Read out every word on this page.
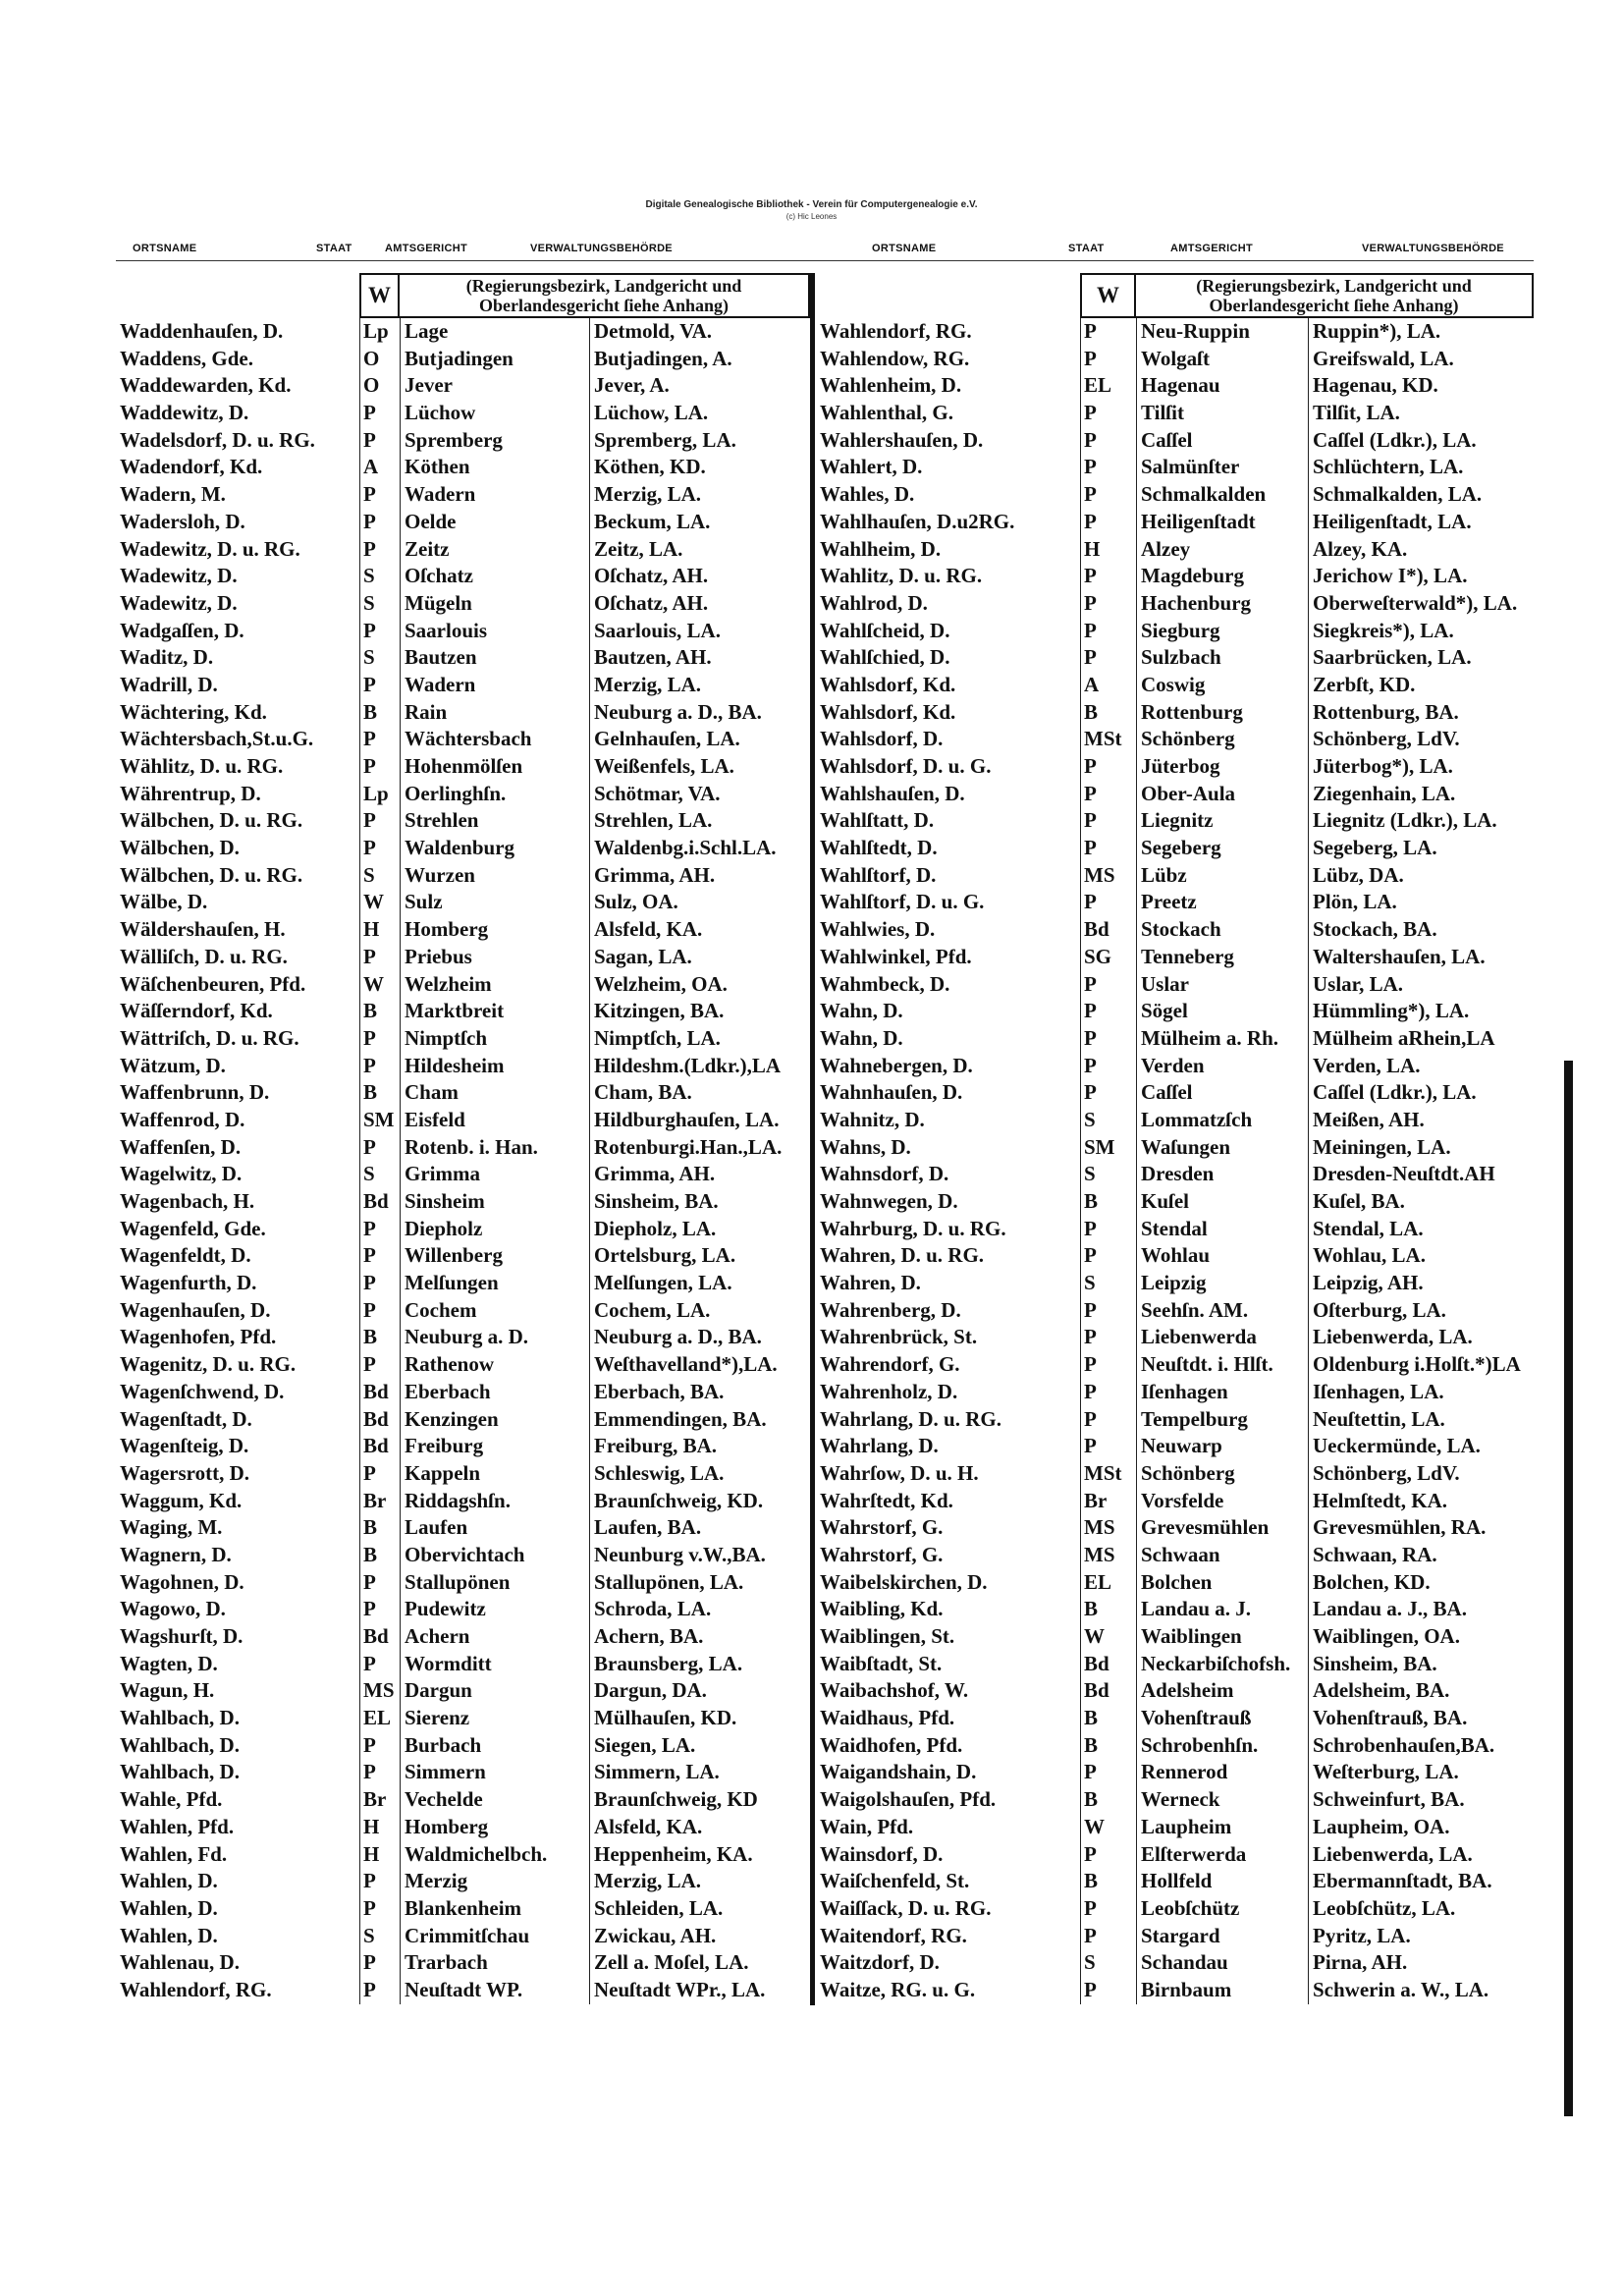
Digitale Genealogische Bibliothek - Verein für Computergenealogie e.V.
(c) Hic Leones
ORTSNAME	STAAT	AMTSGERICHT	VERWALTUNGSBEHÖRDE	ORTSNAME	STAAT	AMTSGERICHT	VERWALTUNGSBEHÖRDE
W	(Regierungsbezirk, Landgericht und
Oberlandesgericht ſiehe Anhang)
Waddenhauſen, D.	Lp Lage	Detmold, VA.
Waddens, Gde.	O	Butjadingen	Butjadingen, A.
Waddewarden, Kd.	O	Jever	Jever, A.
Waddewitz, D.	P	Lüchow	Lüchow, LA.
Wadelsdorf, D. u. RG.	P	Spremberg	Spremberg, LA.
Wadendorf, Kd.	A	Köthen	Köthen, KD.
Wadern, M.	P	Wadern	Merzig, LA.
Wadersloh, D.	P	Oelde	Beckum, LA.
Wadewitz, D. u. RG.	P	Zeitz	Zeitz, LA.
Wadewitz, D.	S	Oſchatz	Oſchatz, AH.
Wadewitz, D.	S	Mügeln	Oſchatz, AH.
Wadgaſſen, D.	P	Saarlouis	Saarlouis, LA.
Waditz, D.	S	Bautzen	Bautzen, AH.
Wadrill, D.	P	Wadern	Merzig, LA.
Wächtering, Kd.	B	Rain	Neuburg a. D., BA.
Wächtersbach,St.u.G.	P	Wächtersbach	Gelnhauſen, LA.
Wählitz, D. u. RG.	P	Hohenmölſen	Weißenfels, LA.
Währentrup, D.	Lp Oerlinghſn.	Schötmar, VA.
Wälbchen, D. u. RG.	P	Strehlen	Strehlen, LA.
Wälbchen, D.	P	Waldenburg	Waldenbg.i.Schl.LA.
Wälbchen, D. u. RG.	S	Wurzen	Grimma, AH.
Wälbe, D.	W	Sulz	Sulz, OA.
Wäldershauſen, H.	H	Homberg	Alsfeld, KA.
Wälliſch, D. u. RG.	P	Priebus	Sagan, LA.
Wäſchenbeuren, Pfd.	W	Welzheim	Welzheim, OA.
Wäſſerndorf, Kd.	B	Marktbreit	Kitzingen, BA.
Wättriſch, D. u. RG.	P	Nimptſch	Nimptſch, LA.
Wätzum, D.	P	Hildesheim	Hildeshm.(Ldkr.),LA
Waffenbrunn, D.	B	Cham	Cham, BA.
Waffenrod, D.	SM Eisfeld	Hildburghauſen, LA.
Waffenſen, D.	P	Rotenb. i. Han.	Rotenburgi.Han.,LA.
Wagelwitz, D.	S	Grimma	Grimma, AH.
Wagenbach, H.	Bd Sinsheim	Sinsheim, BA.
Wagenfeld, Gde.	P	Diepholz	Diepholz, LA.
Wagenfeldt, D.	P	Willenberg	Ortelsburg, LA.
Wagenfurth, D.	P	Melſungen	Melſungen, LA.
Wagenhauſen, D.	P	Cochem	Cochem, LA.
Wagenhofen, Pfd.	B	Neuburg a. D.	Neuburg a. D., BA.
Wagenitz, D. u. RG.	P	Rathenow	Weſthavelland*),LA.
Wagenſchwend, D.	Bd Eberbach	Eberbach, BA.
Wagenſtadt, D.	Bd Kenzingen	Emmendingen, BA.
Wagenſteig, D.	Bd Freiburg	Freiburg, BA.
Wagersrott, D.	P	Kappeln	Schleswig, LA.
Waggum, Kd.	Br Riddagshſn.	Braunſchweig, KD.
Waging, M.	B	Laufen	Laufen, BA.
Wagnern, D.	B	Obervichtach	Neunburg v.W.,BA.
Wagohnen, D.	P	Stallupönen	Stallupönen, LA.
Wagowo, D.	P	Pudewitz	Schroda, LA.
Wagshurſt, D.	Bd Achern	Achern, BA.
Wagten, D.	P	Wormditt	Braunsberg, LA.
Wagun, H.	MS Dargun	Dargun, DA.
Wahlbach, D.	EL Sierenz	Mülhauſen, KD.
Wahlbach, D.	P	Burbach	Siegen, LA.
Wahlbach, D.	P	Simmern	Simmern, LA.
Wahle, Pfd.	Br Vechelde	Braunſchweig, KD
Wahlen, Pfd.	H	Homberg	Alsfeld, KA.
Wahlen, Fd.	H	Waldmichelbch.	Heppenheim, KA.
Wahlen, D.	P	Merzig	Merzig, LA.
Wahlen, D.	P	Blankenheim	Schleiden, LA.
Wahlen, D.	S	Crimmitſchau	Zwickau, AH.
Wahlenau, D.	P	Trarbach	Zell a. Moſel, LA.
Wahlendorf, RG.	P	Neuſtadt WP.	Neuſtadt WPr., LA.
W	(Regierungsbezirk, Landgericht und
Oberlandesgericht ſiehe Anhang)
Wahlendorf, RG.	P	Neu-Ruppin	Ruppin*), LA.
Wahlendow, RG.	P	Wolgaſt	Greifswald, LA.
Wahlenheim, D.	EL	Hagenau	Hagenau, KD.
Wahlenthal, G.	P	Tilſit	Tilſit, LA.
Wahlershauſen, D.	P	Caſſel	Caſſel (Ldkr.), LA.
Wahlert, D.	P	Salmünſter	Schlüchtern, LA.
Wahles, D.	P	Schmalkalden	Schmalkalden, LA.
Wahlhauſen, D.u2RG.	P	Heiligenſtadt	Heiligenſtadt, LA.
Wahlheim, D.	H	Alzey	Alzey, KA.
Wahlitz, D. u. RG.	P	Magdeburg	Jerichow I*), LA.
Wahlrod, D.	P	Hachenburg	Oberweſterwald*), LA.
Wahlſcheid, D.	P	Siegburg	Siegkreis*), LA.
Wahlſchied, D.	P	Sulzbach	Saarbrücken, LA.
Wahlsdorf, Kd.	A	Coswig	Zerbſt, KD.
Wahlsdorf, Kd.	B	Rottenburg	Rottenburg, BA.
Wahlsdorf, D.	MSt Schönberg	Schönberg, LdV.
Wahlsdorf, D. u. G.	P	Jüterbog	Jüterbog*), LA.
Wahlshauſen, D.	P	Ober-Aula	Ziegenhain, LA.
Wahlſtatt, D.	P	Liegnitz	Liegnitz (Ldkr.), LA.
Wahlſtedt, D.	P	Segeberg	Segeberg, LA.
Wahlſtorf, D.	MS	Lübz	Lübz, DA.
Wahlſtorf, D. u. G.	P	Preetz	Plön, LA.
Wahlwies, D.	Bd	Stockach	Stockach, BA.
Wahlwinkel, Pfd.	SG	Tenneberg	Waltershauſen, LA.
Wahmbeck, D.	P	Uslar	Uslar, LA.
Wahn, D.	P	Sögel	Hümmling*), LA.
Wahn, D.	P	Mülheim a. Rh.	Mülheim aRhein,LA
Wahnebergen, D.	P	Verden	Verden, LA.
Wahnhauſen, D.	P	Caſſel	Caſſel (Ldkr.), LA.
Wahnitz, D.	S	Lommatzſch	Meißen, AH.
Wahns, D.	SM	Waſungen	Meiningen, LA.
Wahnsdorf, D.	S	Dresden	Dresden-Neuſtdt.AH
Wahnwegen, D.	B	Kuſel	Kuſel, BA.
Wahrburg, D. u. RG.	P	Stendal	Stendal, LA.
Wahren, D. u. RG.	P	Wohlau	Wohlau, LA.
Wahren, D.	S	Leipzig	Leipzig, AH.
Wahrenberg, D.	P	Seehſn. AM.	Oſterburg, LA.
Wahrenbrück, St.	P	Liebenwerda	Liebenwerda, LA.
Wahrendorf, G.	P	Neuſtdt. i. Hlſt.	Oldenburg i.Holſt.*)LA
Wahrenholz, D.	P	Iſenhagen	Iſenhagen, LA.
Wahrlang, D. u. RG.	P	Tempelburg	Neuſtettin, LA.
Wahrlang, D.	P	Neuwarp	Ueckermünde, LA.
Wahrſow, D. u. H.	MSt Schönberg	Schönberg, LdV.
Wahrſtedt, Kd.	Br	Vorsfelde	Helmſtedt, KA.
Wahrstorf, G.	MS	Grevesmühlen	Grevesmühlen, RA.
Wahrstorf, G.	MS	Schwaan	Schwaan, RA.
Waibelskirchen, D.	EL	Bolchen	Bolchen, KD.
Waibling, Kd.	B	Landau a. J.	Landau a. J., BA.
Waiblingen, St.	W	Waiblingen	Waiblingen, OA.
Waibſtadt, St.	Bd	Neckarbiſchofsh.	Sinsheim, BA.
Waibachshof, W.	Bd	Adelsheim	Adelsheim, BA.
Waidhaus, Pfd.	B	Vohenſtrauß	Vohenſtrauß, BA.
Waidhofen, Pfd.	B	Schrobenhſn.	Schrobenhauſen,BA.
Waigandshain, D.	P	Rennerod	Weſterburg, LA.
Waigolshauſen, Pfd.	B	Werneck	Schweinfurt, BA.
Wain, Pfd.	W	Laupheim	Laupheim, OA.
Wainsdorf, D.	P	Elſterwerda	Liebenwerda, LA.
Waiſchenfeld, St.	B	Hollfeld	Ebermannſtadt, BA.
Waiſſack, D. u. RG.	P	Leobſchütz	Leobſchütz, LA.
Waitendorf, RG.	P	Stargard	Pyritz, LA.
Waitzdorf, D.	S	Schandau	Pirna, AH.
Waitze, RG. u. G.	P	Birnbaum	Schwerin a. W., LA.
